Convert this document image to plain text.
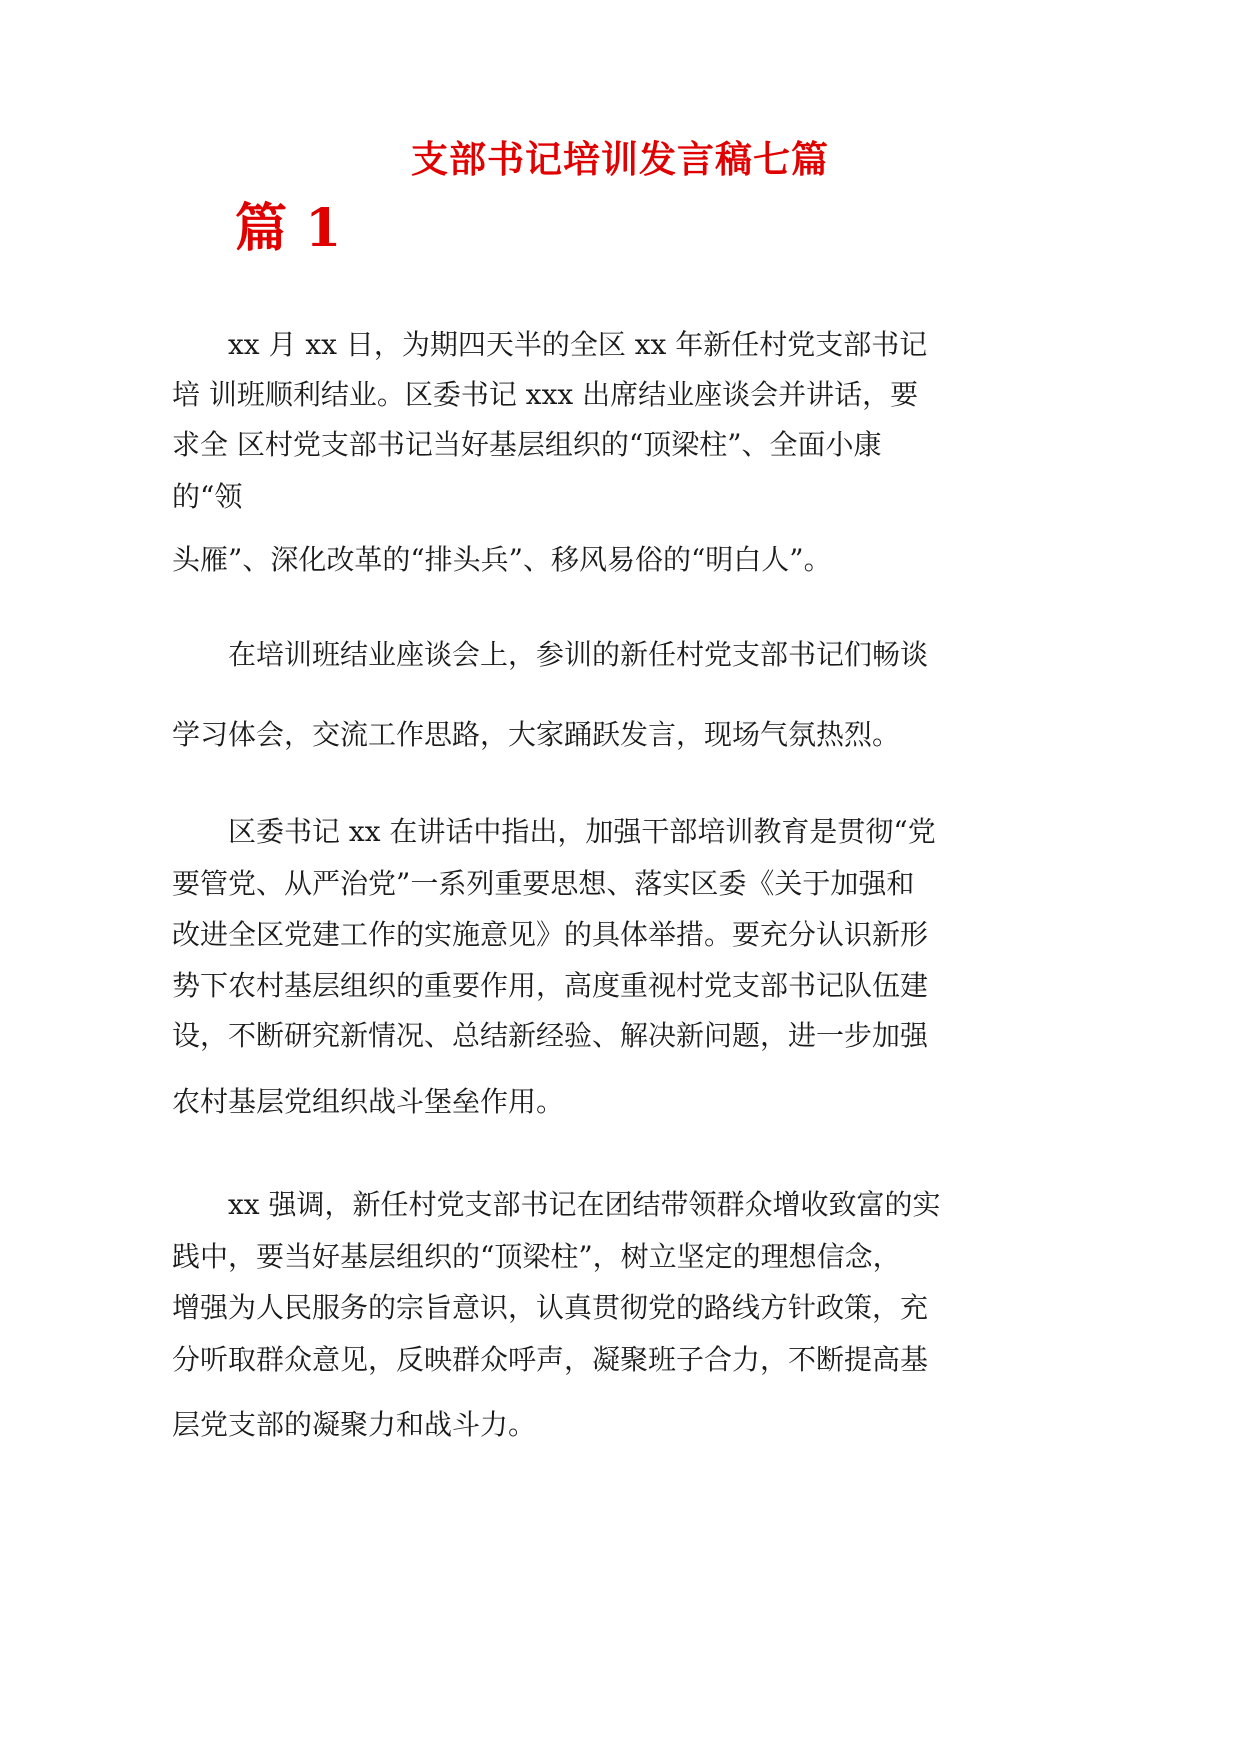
支部书记培训发言稿七篇
篇 1
xx 月 xx 日，为期四天半的全区 xx 年新任村党支部书记
培 训班顺利结业。区委书记 xxx 出席结业座谈会并讲话，要
求全 区村党支部书记当好基层组织的“顶梁柱”、全面小康
的“领
头雁”、深化改革的“排头兵”、移风易俗的“明白人”。
在培训班结业座谈会上，参训的新任村党支部书记们畅谈
学习体会，交流工作思路，大家踊跃发言，现场气氛热烈。
区委书记 xx 在讲话中指出，加强干部培训教育是贯彻“党
要管党、从严治党”一系列重要思想、落实区委《关于加强和
改进全区党建工作的实施意见》的具体举措。要充分认识新形
势下农村基层组织的重要作用，高度重视村党支部书记队伍建
设，不断研究新情况、总结新经验、解决新问题，进一步加强
农村基层党组织战斗堡垒作用。
xx 强调，新任村党支部书记在团结带领群众增收致富的实
践中，要当好基层组织的“顶梁柱”，树立坚定的理想信念，
增强为人民服务的宗旨意识，认真贯彻党的路线方针政策，充
分听取群众意见，反映群众呼声，凝聚班子合力，不断提高基
层党支部的凝聚力和战斗力。
